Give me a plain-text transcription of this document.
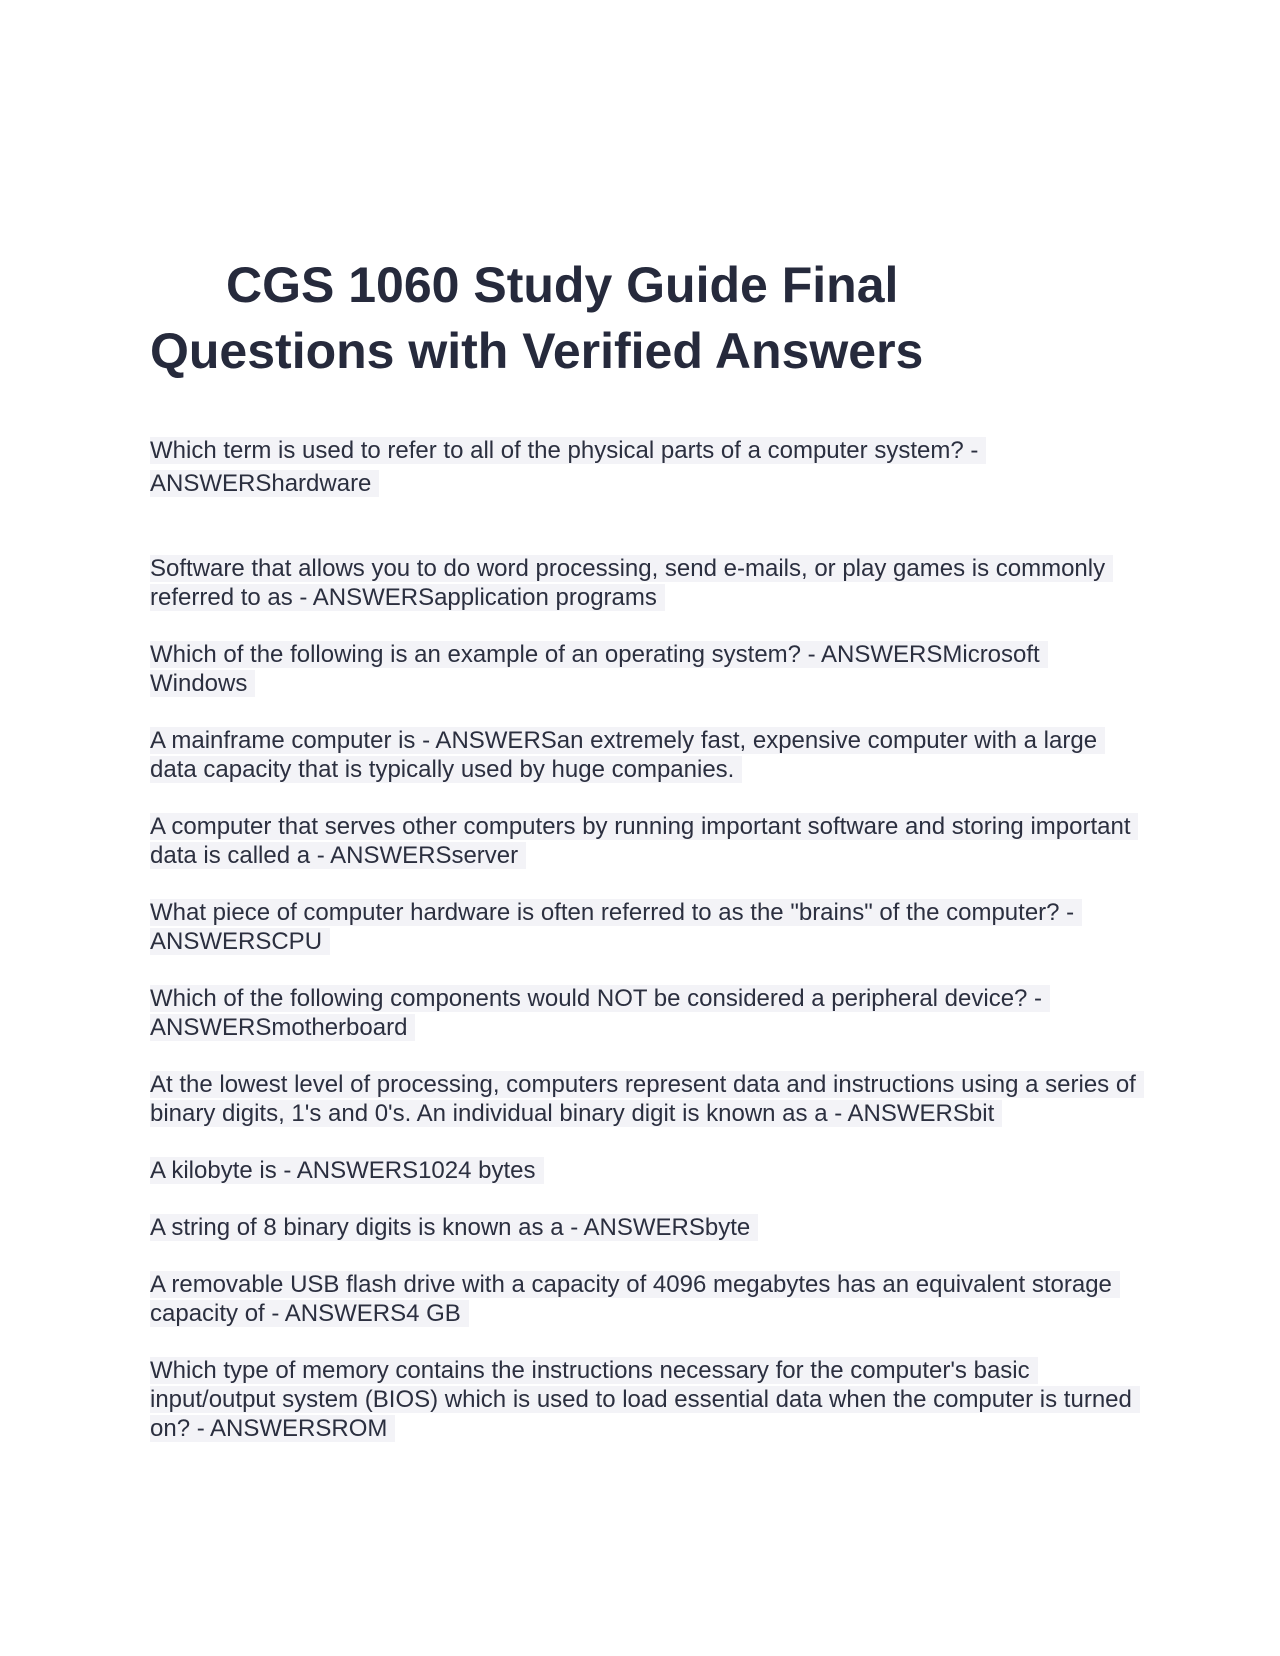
CGS 1060 Study Guide Final Questions with Verified Answers

Which term is used to refer to all of the physical parts of a computer system? - ANSWERShardware

Software that allows you to do word processing, send e-mails, or play games is commonly referred to as - ANSWERSapplication programs

Which of the following is an example of an operating system? - ANSWERSMicrosoft Windows

A mainframe computer is - ANSWERSan extremely fast, expensive computer with a large data capacity that is typically used by huge companies.

A computer that serves other computers by running important software and storing important data is called a - ANSWERSserver

What piece of computer hardware is often referred to as the "brains" of the computer? - ANSWERSCPU

Which of the following components would NOT be considered a peripheral device? - ANSWERSmotherboard

At the lowest level of processing, computers represent data and instructions using a series of binary digits, 1's and 0's. An individual binary digit is known as a - ANSWERSbit

A kilobyte is - ANSWERS1024 bytes

A string of 8 binary digits is known as a - ANSWERSbyte

A removable USB flash drive with a capacity of 4096 megabytes has an equivalent storage capacity of - ANSWERS4 GB

Which type of memory contains the instructions necessary for the computer's basic input/output system (BIOS) which is used to load essential data when the computer is turned on? - ANSWERSROM
